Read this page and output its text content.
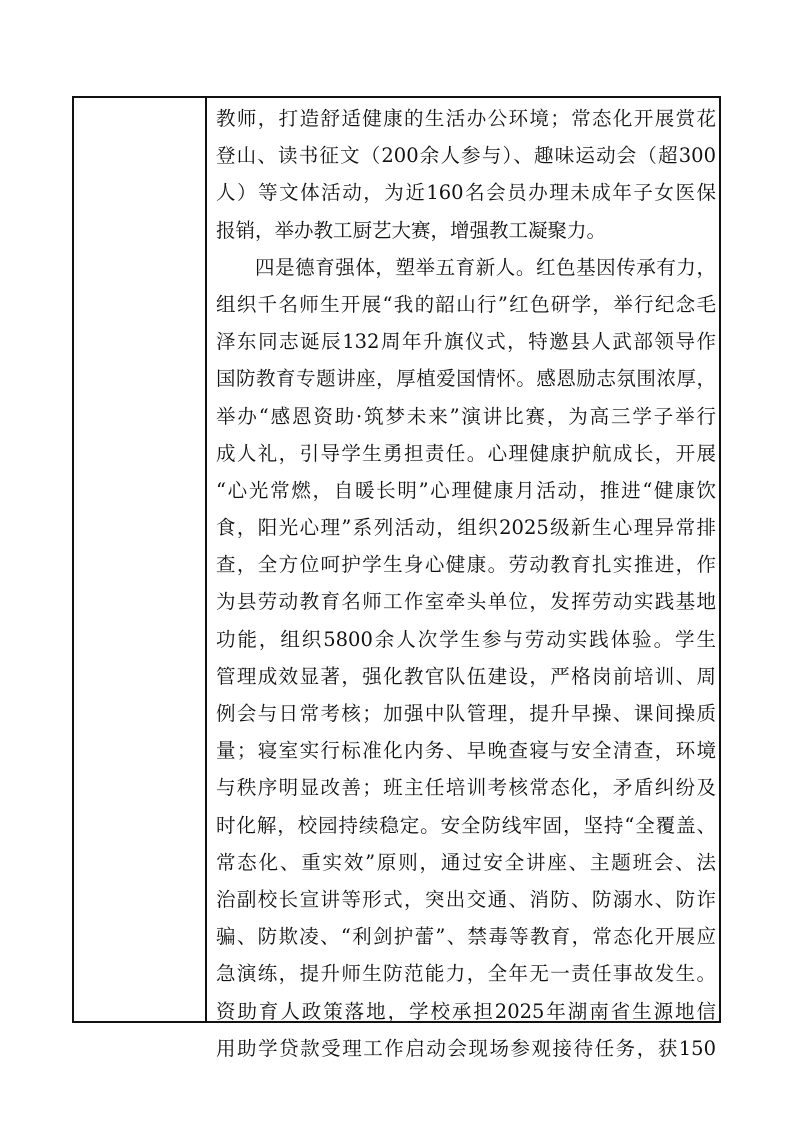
教师，打造舒适健康的生活办公环境；常态化开展赏花
登山、读书征文（200余人参与）、趣味运动会（超300
人）等文体活动，为近160名会员办理未成年子女医保
报销，举办教工厨艺大赛，增强教工凝聚力。
四是德育强体，塑举五育新人。红色基因传承有力，
组织千名师生开展“我的韶山行”红色研学，举行纪念毛
泽东同志诞辰132周年升旗仪式，特邀县人武部领导作
国防教育专题讲座，厚植爱国情怀。感恩励志氛围浓厚，
举办“感恩资助·筑梦未来”演讲比赛，为高三学子举行
成人礼，引导学生勇担责任。心理健康护航成长，开展
“心光常燃，自暖长明”心理健康月活动，推进“健康饮
食，阳光心理”系列活动，组织2025级新生心理异常排
查，全方位呵护学生身心健康。劳动教育扎实推进，作
为县劳动教育名师工作室牵头单位，发挥劳动实践基地
功能，组织5800余人次学生参与劳动实践体验。学生
管理成效显著，强化教官队伍建设，严格岗前培训、周
例会与日常考核；加强中队管理，提升早操、课间操质
量；寝室实行标准化内务、早晚查寝与安全清查，环境
与秩序明显改善；班主任培训考核常态化，矛盾纠纷及
时化解，校园持续稳定。安全防线牢固，坚持“全覆盖、
常态化、重实效”原则，通过安全讲座、主题班会、法
治副校长宣讲等形式，突出交通、消防、防溺水、防诈
骗、防欺凌、“利剑护蕾”、禁毒等教育，常态化开展应
急演练，提升师生防范能力，全年无一责任事故发生。
资助育人政策落地，学校承担2025年湖南省生源地信
用助学贷款受理工作启动会现场参观接待任务，获150
